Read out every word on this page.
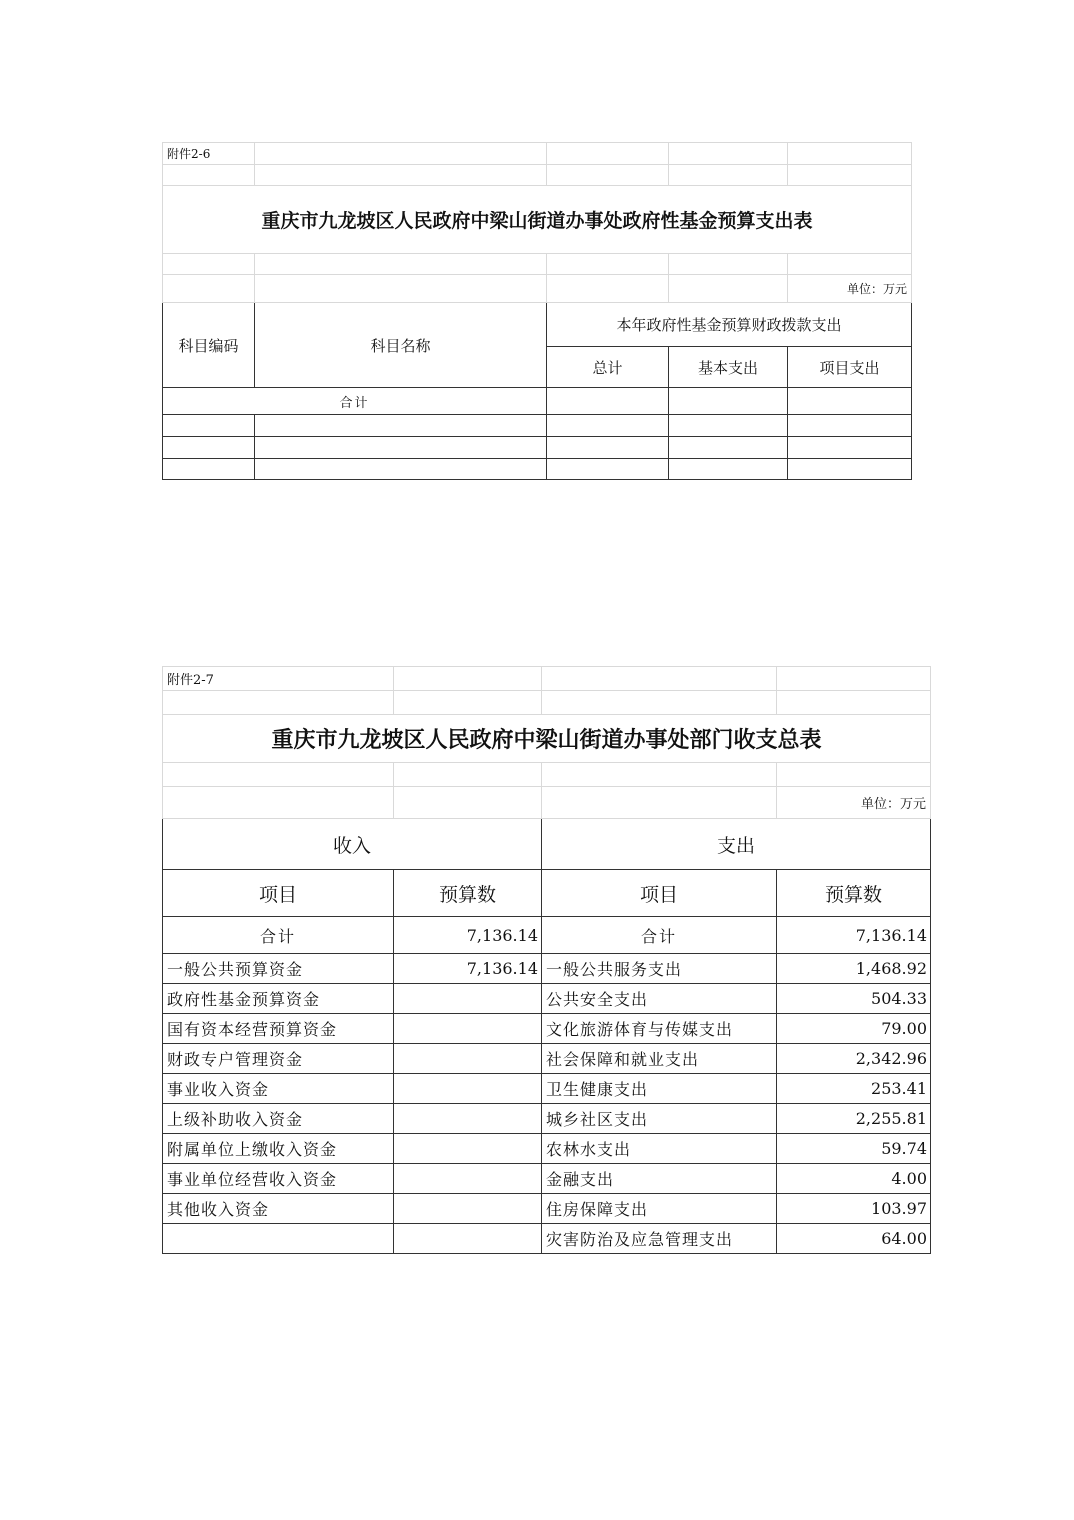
附件2-6				

重庆市九龙坡区人民政府中梁山街道办事处政府性基金预算支出表				

				单位：万元
科目编码	科目名称	本年政府性基金预算财政拨款支出		
		总计	基本支出	项目支出
合计				

附件2-7			

重庆市九龙坡区人民政府中梁山街道办事处部门收支总表			

			单位：万元
收入		支出	
项目	预算数	项目	预算数
合计	7,136.14	合计	7,136.14
一般公共预算资金	7,136.14	一般公共服务支出	1,468.92
政府性基金预算资金		公共安全支出	504.33
国有资本经营预算资金		文化旅游体育与传媒支出	79.00
财政专户管理资金		社会保障和就业支出	2,342.96
事业收入资金		卫生健康支出	253.41
上级补助收入资金		城乡社区支出	2,255.81
附属单位上缴收入资金		农林水支出	59.74
事业单位经营收入资金		金融支出	4.00
其他收入资金		住房保障支出	103.97
		灾害防治及应急管理支出	64.00
